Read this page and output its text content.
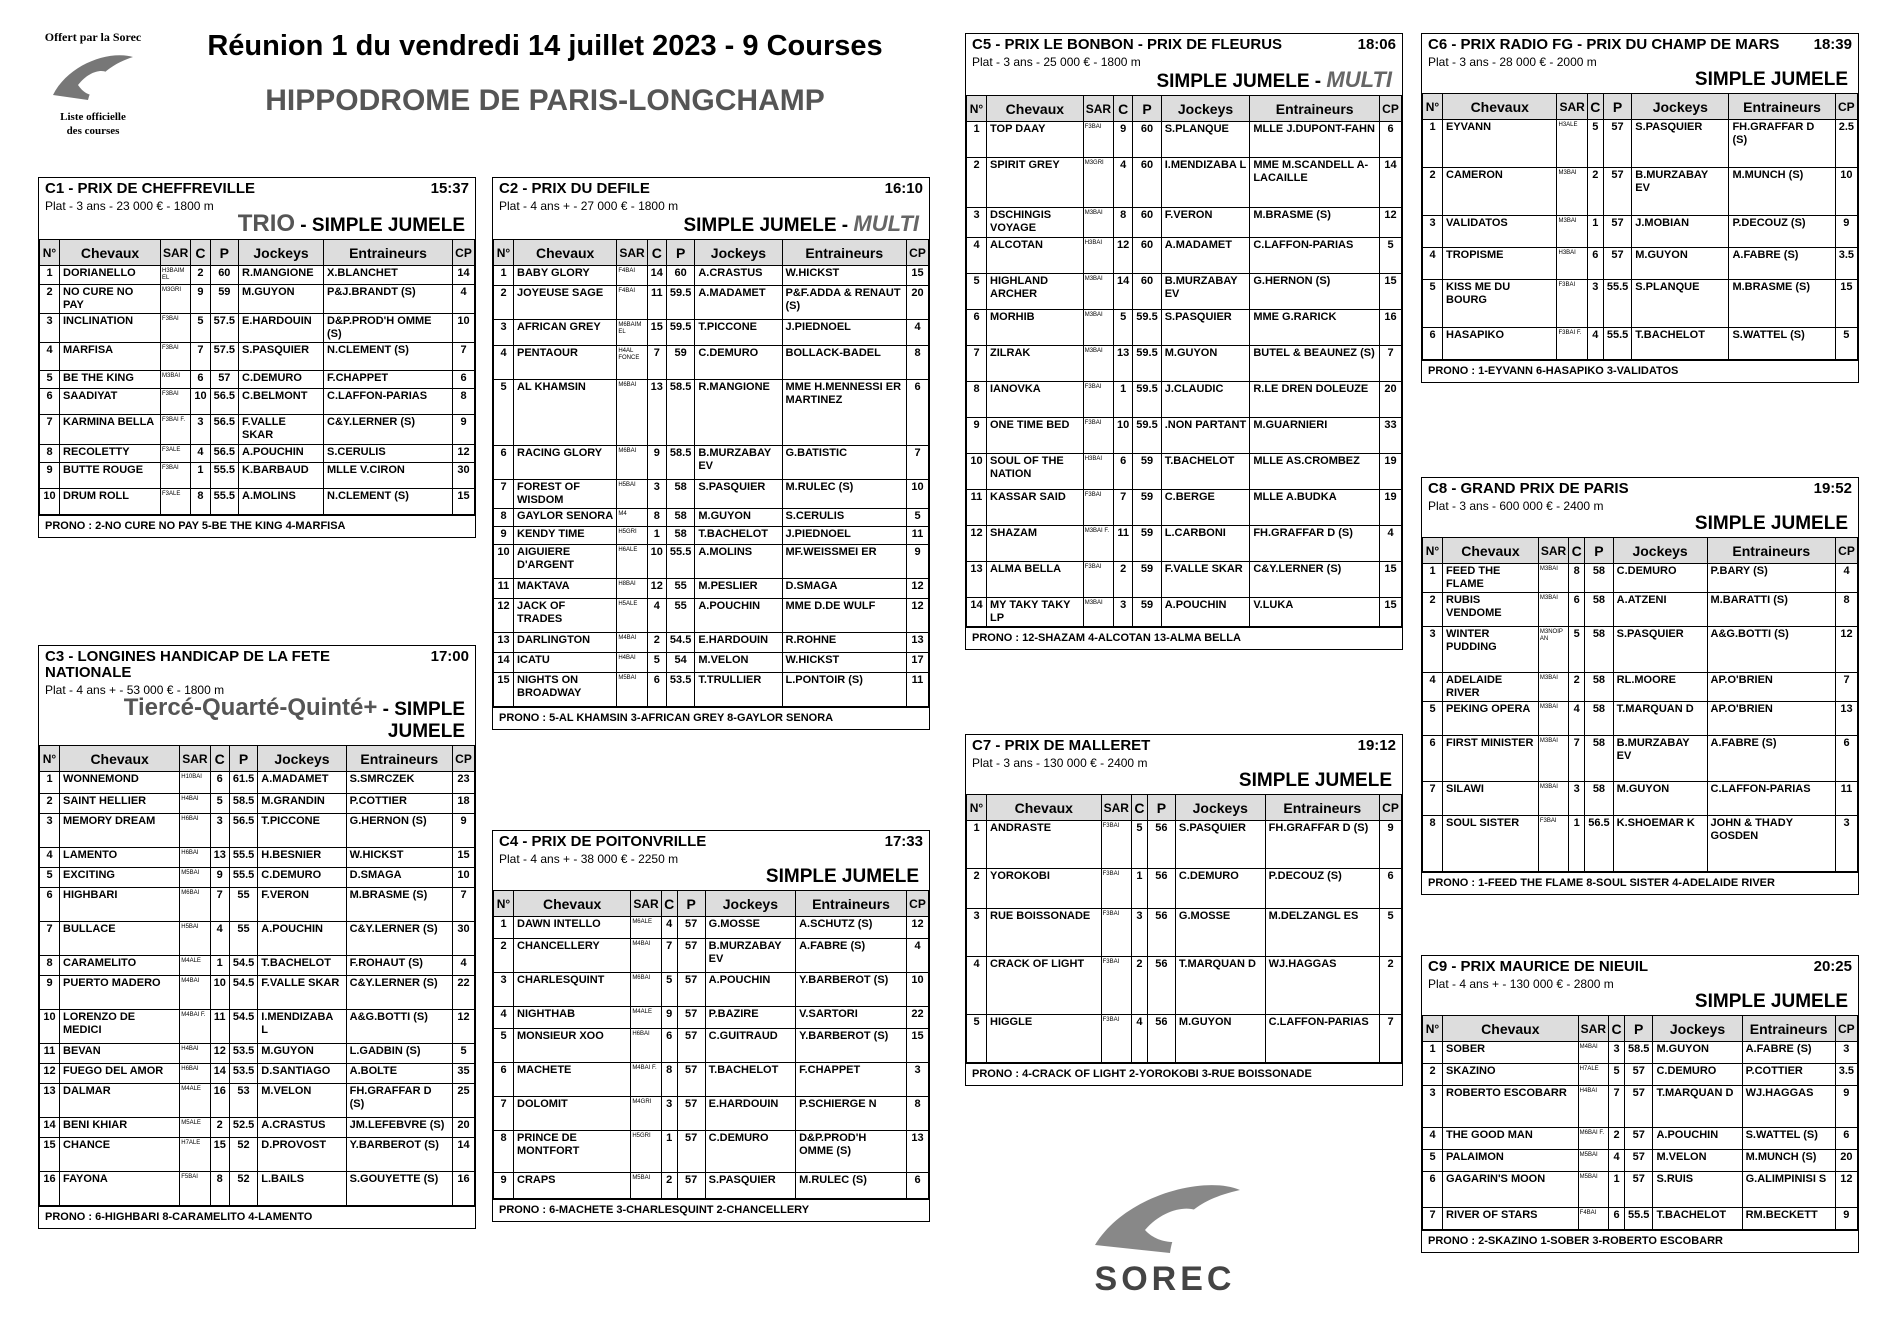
Offert par la Sorec
Liste officielle
des courses
Réunion 1 du vendredi 14 juillet 2023 - 9 Courses
HIPPODROME DE PARIS-LONGCHAMP
C1 - PRIX DE CHEFFREVILLE	15:37
Plat - 3 ans - 23 000 € - 1800 m
TRIO - SIMPLE JUMELE
N°	Chevaux	SAR	C	P	Jockeys	Entraineurs	CP
1	DORIANELLO	H3BAIM EL	2	60	R.MANGIONE	X.BLANCHET	14
2	NO CURE NO PAY	M3GRI	9	59	M.GUYON	P&J.BRANDT (S)	4
3	INCLINATION	F3BAI	5	57.5	E.HARDOUIN	D&P.PROD'H OMME (S)	10
4	MARFISA	F3BAI	7	57.5	S.PASQUIER	N.CLEMENT (S)	7
5	BE THE KING	M3BAI	6	57	C.DEMURO	F.CHAPPET	6
6	SAADIYAT	F3BAI	10	56.5	C.BELMONT	C.LAFFON-PARIAS	8
7	KARMINA BELLA	F3BAI F.	3	56.5	F.VALLE SKAR	C&Y.LERNER (S)	9
8	RECOLETTY	F3ALE	4	56.5	A.POUCHIN	S.CERULIS	12
9	BUTTE ROUGE	F3BAI	1	55.5	K.BARBAUD	MLLE V.CIRON	30
10	DRUM ROLL	F3ALE	8	55.5	A.MOLINS	N.CLEMENT (S)	15
PRONO : 2-NO CURE NO PAY 5-BE THE KING 4-MARFISA
C2 - PRIX DU DEFILE	16:10
Plat - 4 ans + - 27 000 € - 1800 m
SIMPLE JUMELE - MULTI
N°	Chevaux	SAR	C	P	Jockeys	Entraineurs	CP
1	BABY GLORY	F4BAI	14	60	A.CRASTUS	W.HICKST	15
2	JOYEUSE SAGE	F4BAI	11	59.5	A.MADAMET	P&F.ADDA & RENAUT (S)	20
3	AFRICAN GREY	M6BAIM EL	15	59.5	T.PICCONE	J.PIEDNOEL	4
4	PENTAOUR	H4AL FONCE	7	59	C.DEMURO	BOLLACK-BADEL	8
5	AL KHAMSIN	M6BAI	13	58.5	R.MANGIONE	MME H.MENNESSI ER MARTINEZ	6
6	RACING GLORY	M6BAI	9	58.5	B.MURZABAY EV	G.BATISTIC	7
7	FOREST OF WISDOM	H5BAI	3	58	S.PASQUIER	M.RULEC (S)	10
8	GAYLOR SENORA	M4	8	58	M.GUYON	S.CERULIS	5
9	KENDY TIME	H5GRI	1	58	T.BACHELOT	J.PIEDNOEL	11
10	AIGUIERE D'ARGENT	H6ALE	10	55.5	A.MOLINS	MF.WEISSMEI ER	9
11	MAKTAVA	H8BAI	12	55	M.PESLIER	D.SMAGA	12
12	JACK OF TRADES	H5ALE	4	55	A.POUCHIN	MME D.DE WULF	12
13	DARLINGTON	M4BAI	2	54.5	E.HARDOUIN	R.ROHNE	13
14	ICATU	H4BAI	5	54	M.VELON	W.HICKST	17
15	NIGHTS ON BROADWAY	M5BAI	6	53.5	T.TRULLIER	L.PONTOIR (S)	11
PRONO : 5-AL KHAMSIN 3-AFRICAN GREY 8-GAYLOR SENORA
C3 - LONGINES HANDICAP DE LA FETE NATIONALE
17:00
Plat - 4 ans + - 53 000 € - 1800 m
Tiercé-Quarté-Quinté+ - SIMPLE JUMELE
N°	Chevaux	SAR	C	P	Jockeys	Entraineurs	CP
1	WONNEMOND	H10BAI	6	61.5	A.MADAMET	S.SMRCZEK	23
2	SAINT HELLIER	H4BAI	5	58.5	M.GRANDIN	P.COTTIER	18
3	MEMORY DREAM	H6BAI	3	56.5	T.PICCONE	G.HERNON (S)	9
4	LAMENTO	H6BAI	13	55.5	H.BESNIER	W.HICKST	15
5	EXCITING	M5BAI	9	55.5	C.DEMURO	D.SMAGA	10
6	HIGHBARI	M6BAI	7	55	F.VERON	M.BRASME (S)	7
7	BULLACE	H5BAI	4	55	A.POUCHIN	C&Y.LERNER (S)	30
8	CARAMELITO	M4ALE	1	54.5	T.BACHELOT	F.ROHAUT (S)	4
9	PUERTO MADERO	M4BAI	10	54.5	F.VALLE SKAR	C&Y.LERNER (S)	22
10	LORENZO DE MEDICI	M4BAI F.	11	54.5	I.MENDIZABA L	A&G.BOTTI (S)	12
11	BEVAN	H4BAI	12	53.5	M.GUYON	L.GADBIN (S)	5
12	FUEGO DEL AMOR	H6BAI	14	53.5	D.SANTIAGO	A.BOLTE	35
13	DALMAR	M4ALE	16	53	M.VELON	FH.GRAFFAR D (S)	25
14	BENI KHIAR	M5ALE	2	52.5	A.CRASTUS	JM.LEFEBVRE (S)	20
15	CHANCE	H7ALE	15	52	D.PROVOST	Y.BARBEROT (S)	14
16	FAYONA	F5BAI	8	52	L.BAILS	S.GOUYETTE (S)	16
PRONO : 6-HIGHBARI 8-CARAMELITO 4-LAMENTO
C4 - PRIX DE POITONVRILLE	17:33
Plat - 4 ans + - 38 000 € - 2250 m
SIMPLE JUMELE
N°	Chevaux	SAR	C	P	Jockeys	Entraineurs	CP
1	DAWN INTELLO	M6ALE	4	57	G.MOSSE	A.SCHUTZ (S)	12
2	CHANCELLERY	M4BAI	7	57	B.MURZABAY EV	A.FABRE (S)	4
3	CHARLESQUINT	M6BAI	5	57	A.POUCHIN	Y.BARBEROT (S)	10
4	NIGHTHAB	M4ALE	9	57	P.BAZIRE	V.SARTORI	22
5	MONSIEUR XOO	H6BAI	6	57	C.GUITRAUD	Y.BARBEROT (S)	15
6	MACHETE	M4BAI F.	8	57	T.BACHELOT	F.CHAPPET	3
7	DOLOMIT	M4GRI	3	57	E.HARDOUIN	P.SCHIERGE N	8
8	PRINCE DE MONTFORT	H5GRI	1	57	C.DEMURO	D&P.PROD'H OMME (S)	13
9	CRAPS	M5BAI	2	57	S.PASQUIER	M.RULEC (S)	6
PRONO : 6-MACHETE 3-CHARLESQUINT 2-CHANCELLERY
C5 - PRIX LE BONBON - PRIX DE FLEURUS	18:06
Plat - 3 ans - 25 000 € - 1800 m
SIMPLE JUMELE - MULTI
N°	Chevaux	SAR	C	P	Jockeys	Entraineurs	CP
1	TOP DAAY	F3BAI	9	60	S.PLANQUE	MLLE J.DUPONT-FAHN	6
2	SPIRIT GREY	M3GRI	4	60	I.MENDIZABA L	MME M.SCANDELL A-LACAILLE	14
3	DSCHINGIS VOYAGE	M3BAI	8	60	F.VERON	M.BRASME (S)	12
4	ALCOTAN	H3BAI	12	60	A.MADAMET	C.LAFFON-PARIAS	5
5	HIGHLAND ARCHER	M3BAI	14	60	B.MURZABAY EV	G.HERNON (S)	15
6	MORHIB	M3BAI	5	59.5	S.PASQUIER	MME G.RARICK	16
7	ZILRAK	M3BAI	13	59.5	M.GUYON	BUTEL & BEAUNEZ (S)	7
8	IANOVKA	F3BAI	1	59.5	J.CLAUDIC	R.LE DREN DOLEUZE	20
9	ONE TIME BED	F3BAI	10	59.5	.NON PARTANT	M.GUARNIERI	33
10	SOUL OF THE NATION	H3BAI	6	59	T.BACHELOT	MLLE AS.CROMBEZ	19
11	KASSAR SAID	F3BAI	7	59	C.BERGE	MLLE A.BUDKA	19
12	SHAZAM	M3BAI F.	11	59	L.CARBONI	FH.GRAFFAR D (S)	4
13	ALMA BELLA	F3BAI	2	59	F.VALLE SKAR	C&Y.LERNER (S)	15
14	MY TAKY TAKY LP	M3BAI	3	59	A.POUCHIN	V.LUKA	15
PRONO : 12-SHAZAM 4-ALCOTAN 13-ALMA BELLA
C6 - PRIX RADIO FG - PRIX DU CHAMP DE MARS	18:39
Plat - 3 ans - 28 000 € - 2000 m
SIMPLE JUMELE
N°	Chevaux	SAR	C	P	Jockeys	Entraineurs	CP
1	EYVANN	H3ALE	5	57	S.PASQUIER	FH.GRAFFAR D (S)	2.5
2	CAMERON	M3BAI	2	57	B.MURZABAY EV	M.MUNCH (S)	10
3	VALIDATOS	M3BAI	1	57	J.MOBIAN	P.DECOUZ (S)	9
4	TROPISME	H3BAI	6	57	M.GUYON	A.FABRE (S)	3.5
5	KISS ME DU BOURG	F3BAI	3	55.5	S.PLANQUE	M.BRASME (S)	15
6	HASAPIKO	F3BAI F.	4	55.5	T.BACHELOT	S.WATTEL (S)	5
PRONO : 1-EYVANN 6-HASAPIKO 3-VALIDATOS
C7 - PRIX DE MALLERET	19:12
Plat - 3 ans - 130 000 € - 2400 m
SIMPLE JUMELE
N°	Chevaux	SAR	C	P	Jockeys	Entraineurs	CP
1	ANDRASTE	F3BAI	5	56	S.PASQUIER	FH.GRAFFAR D (S)	9
2	YOROKOBI	F3BAI	1	56	C.DEMURO	P.DECOUZ (S)	6
3	RUE BOISSONADE	F3BAI	3	56	G.MOSSE	M.DELZANGL ES	5
4	CRACK OF LIGHT	F3BAI	2	56	T.MARQUAN D	WJ.HAGGAS	2
5	HIGGLE	F3BAI	4	56	M.GUYON	C.LAFFON-PARIAS	7
PRONO : 4-CRACK OF LIGHT 2-YOROKOBI 3-RUE BOISSONADE
C8 - GRAND PRIX DE PARIS	19:52
Plat - 3 ans - 600 000 € - 2400 m
SIMPLE JUMELE
N°	Chevaux	SAR	C	P	Jockeys	Entraineurs	CP
1	FEED THE FLAME	M3BAI	8	58	C.DEMURO	P.BARY (S)	4
2	RUBIS VENDOME	M3BAI	6	58	A.ATZENI	M.BARATTI (S)	8
3	WINTER PUDDING	M3NOIP AN	5	58	S.PASQUIER	A&G.BOTTI (S)	12
4	ADELAIDE RIVER	M3BAI	2	58	RL.MOORE	AP.O'BRIEN	7
5	PEKING OPERA	M3BAI	4	58	T.MARQUAN D	AP.O'BRIEN	13
6	FIRST MINISTER	M3BAI	7	58	B.MURZABAY EV	A.FABRE (S)	6
7	SILAWI	M3BAI	3	58	M.GUYON	C.LAFFON-PARIAS	11
8	SOUL SISTER	F3BAI	1	56.5	K.SHOEMAR K	JOHN & THADY GOSDEN	3
PRONO : 1-FEED THE FLAME 8-SOUL SISTER 4-ADELAIDE RIVER
C9 - PRIX MAURICE DE NIEUIL	20:25
Plat - 4 ans + - 130 000 € - 2800 m
SIMPLE JUMELE
N°	Chevaux	SAR	C	P	Jockeys	Entraineurs	CP
1	SOBER	M4BAI	3	58.5	M.GUYON	A.FABRE (S)	3
2	SKAZINO	H7ALE	5	57	C.DEMURO	P.COTTIER	3.5
3	ROBERTO ESCOBARR	H4BAI	7	57	T.MARQUAN D	WJ.HAGGAS	9
4	THE GOOD MAN	M6BAI F.	2	57	A.POUCHIN	S.WATTEL (S)	6
5	PALAIMON	M5BAI	4	57	M.VELON	M.MUNCH (S)	20
6	GAGARIN'S MOON	M5BAI	1	57	S.RUIS	G.ALIMPINISI S	12
7	RIVER OF STARS	F4BAI	6	55.5	T.BACHELOT	RM.BECKETT	9
PRONO : 2-SKAZINO 1-SOBER 3-ROBERTO ESCOBARR
SOREC
